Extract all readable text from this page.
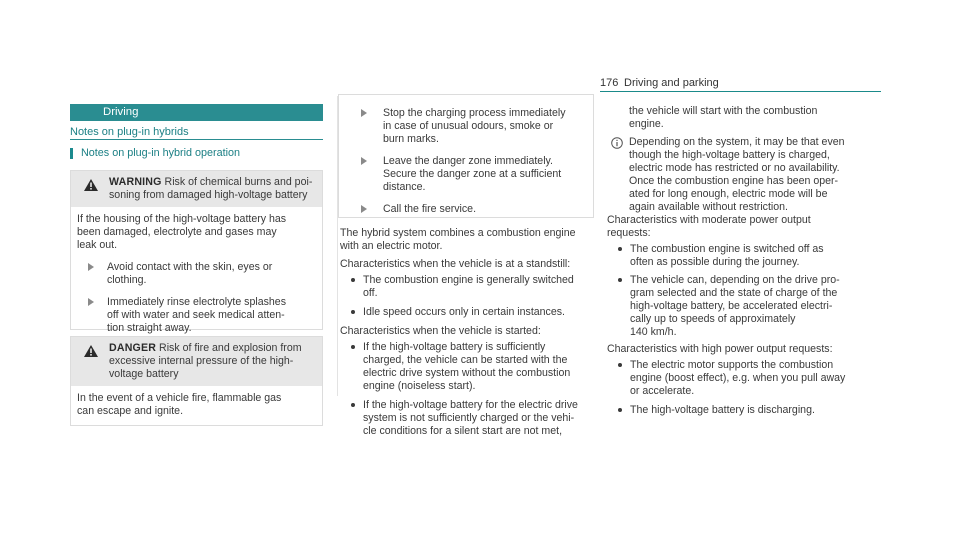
176 Driving and parking
Driving
Notes on plug-in hybrids
Notes on plug-in hybrid operation

WARNING Risk of chemical burns and poi-

soning from damaged high-voltage battery

If the housing of the high-voltage battery has

been damaged, electrolyte and gases may

leak out.

Avoid contact with the skin, eyes or

clothing.

Immediately rinse electrolyte splashes

off with water and seek medical atten-

tion straight away.

DANGER Risk of fire and explosion from

excessive internal pressure of the high-

voltage battery

In the event of a vehicle fire, flammable gas

can escape and ignite.

Stop the charging process immediately

in case of unusual odours, smoke or

burn marks.

Leave the danger zone immediately.

Secure the danger zone at a sufficient

distance.

Call the fire service.

The hybrid system combines a combustion engine

with an electric motor.

Characteristics when the vehicle is at a standstill:

The combustion engine is generally switched

off.

Idle speed occurs only in certain instances.

Characteristics when the vehicle is started:

If the high-voltage battery is sufficiently

charged, the vehicle can be started with the

electric drive system without the combustion

engine (noiseless start).

If the high-voltage battery for the electric drive

system is not sufficiently charged or the vehi-

cle conditions for a silent start are not met,

the vehicle will start with the combustion

engine.

Depending on the system, it may be that even

though the high-voltage battery is charged,

electric mode has restricted or no availability.

Once the combustion engine has been oper-

ated for long enough, electric mode will be

again available without restriction.

Characteristics with moderate power output

requests:

The combustion engine is switched off as

often as possible during the journey.

The vehicle can, depending on the drive pro-

gram selected and the state of charge of the

high-voltage battery, be accelerated electri-

cally up to speeds of approximately

140 km/h.

Characteristics with high power output requests:

The electric motor supports the combustion

engine (boost effect), e.g. when you pull away

or accelerate.

The high-voltage battery is discharging.
